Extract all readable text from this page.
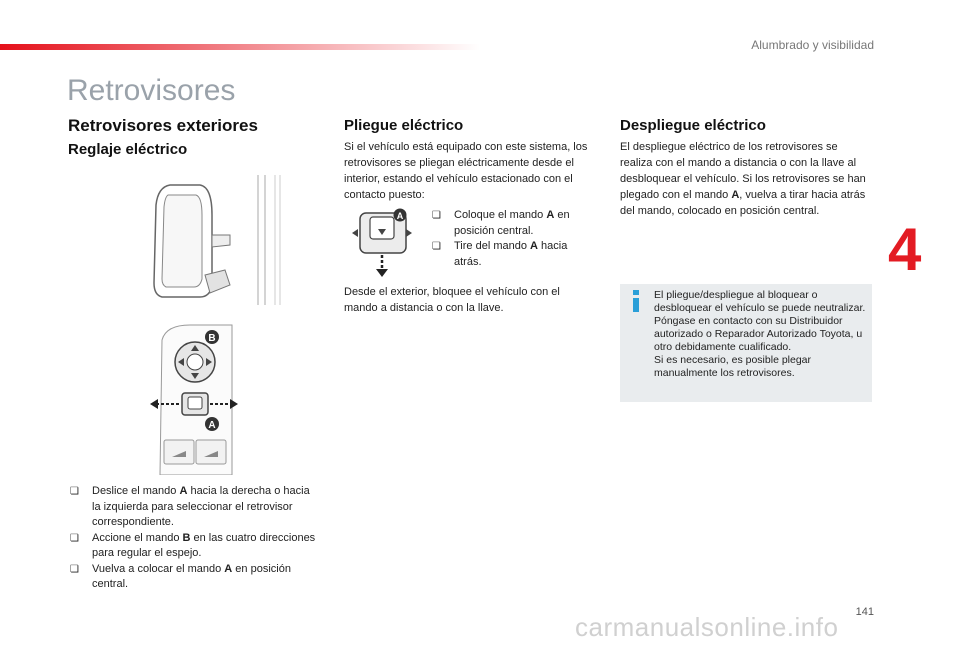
Alumbrado y visibilidad
4
Retrovisores
Retrovisores exteriores
Reglaje eléctrico
B
A
❏ Deslice el mando A hacia la derecha o hacia la izquierda para seleccionar el retrovisor correspondiente.
❏ Accione el mando B en las cuatro direcciones para regular el espejo.
❏ Vuelva a colocar el mando A en posición central.
Pliegue eléctrico

Si el vehículo está equipado con este sistema, los retrovisores se pliegan eléctricamente desde el interior, estando el vehículo estacionado con el contacto puesto:

A	❏ Coloque el mando A en posición central.
❏ Tire del mando A hacia atrás.

Desde el exterior, bloquee el vehículo con el mando a distancia o con la llave.

Despliegue eléctrico

El despliegue eléctrico de los retrovisores se realiza con el mando a distancia o con la llave al desbloquear el vehículo. Si los retrovisores se han plegado con el mando A, vuelva a tirar hacia atrás del mando, colocado en posición central.

El pliegue/despliegue al bloquear o desbloquear el vehículo se puede neutralizar. Póngase en contacto con su Distribuidor autorizado o Reparador Autorizado Toyota, u otro debidamente cualificado.
Si es necesario, es posible plegar manualmente los retrovisores.

141
carmanualsonline.info
